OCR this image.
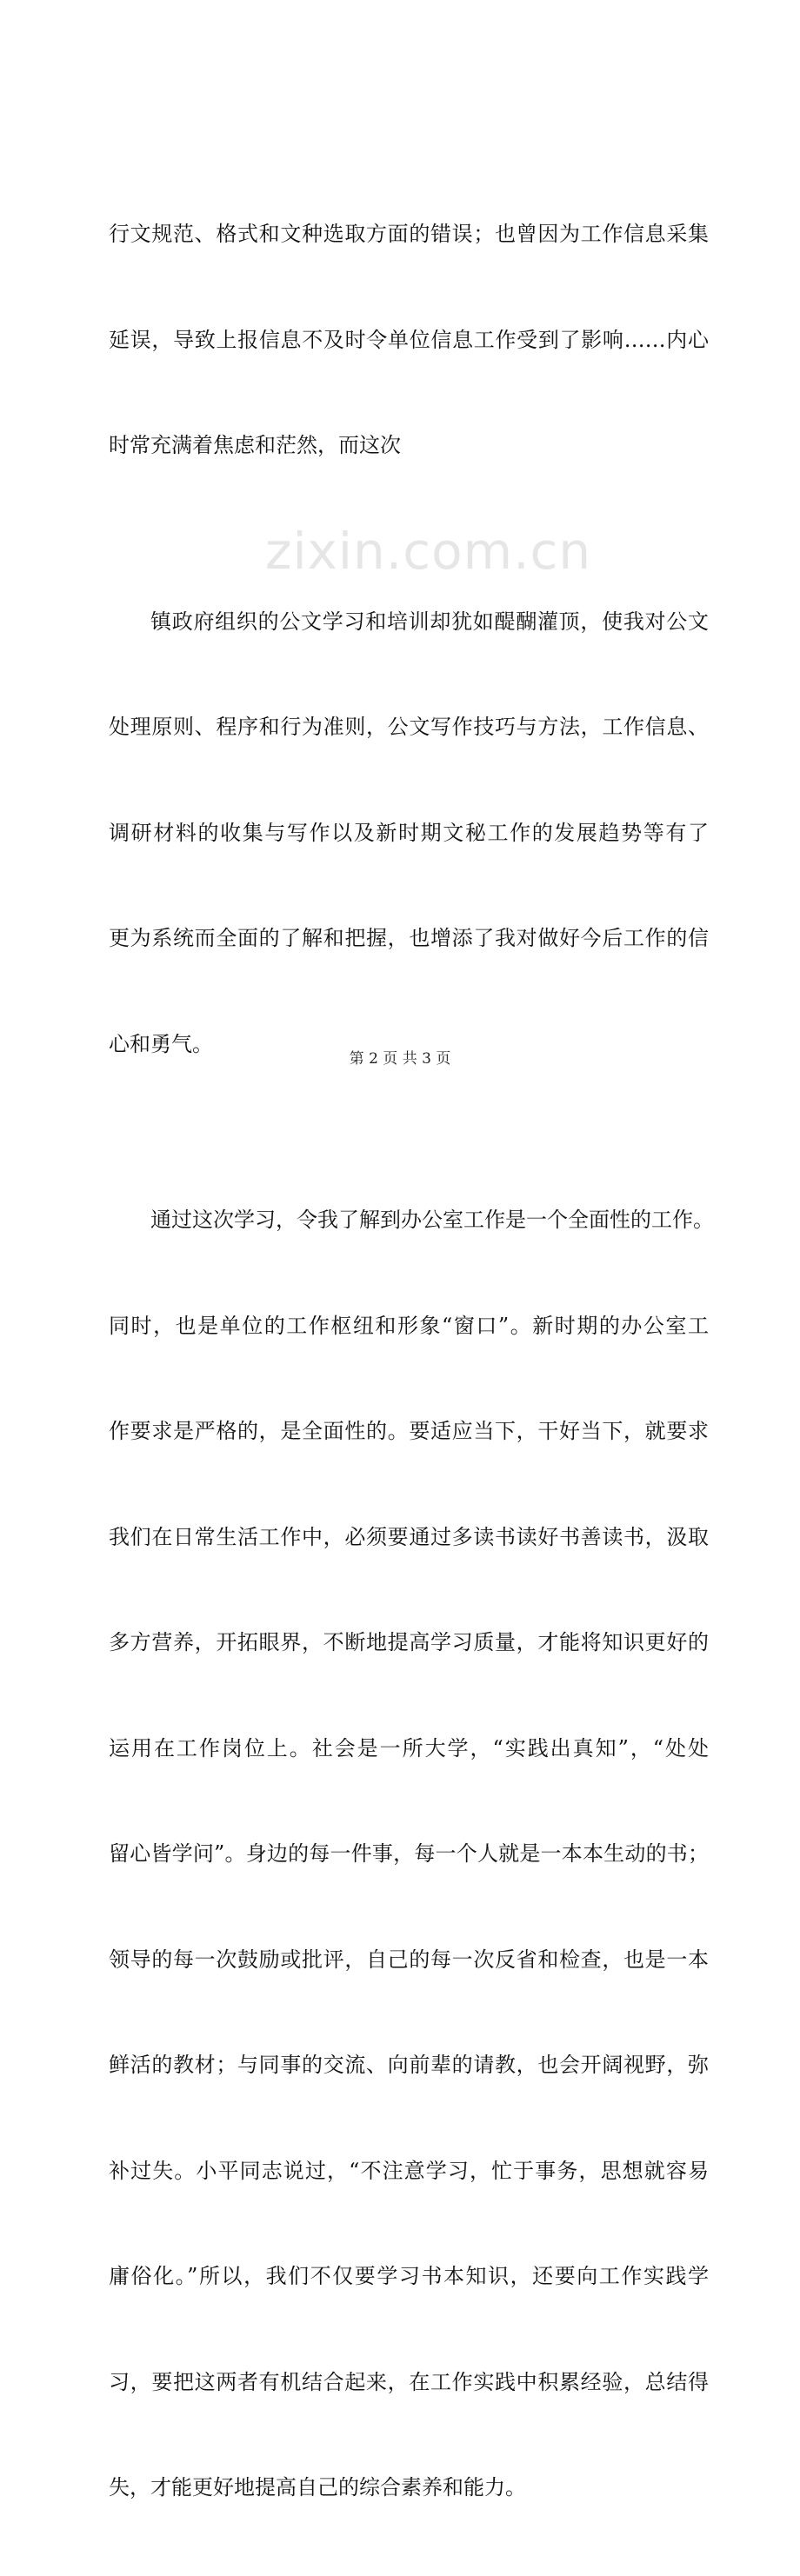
zixin.com.cn

行文规范、格式和文种选取方面的错误；也曾因为工作信息采集

延误，导致上报信息不及时令单位信息工作受到了影响……内心

时常充满着焦虑和茫然，而这次

镇政府组织的公文学习和培训却犹如醍醐灌顶，使我对公文

处理原则、程序和行为准则，公文写作技巧与方法，工作信息、

调研材料的收集与写作以及新时期文秘工作的发展趋势等有了

更为系统而全面的了解和把握，也增添了我对做好今后工作的信

心和勇气。

通过这次学习，令我了解到办公室工作是一个全面性的工作。

同时，也是单位的工作枢纽和形象“窗口”。新时期的办公室工

作要求是严格的，是全面性的。要适应当下，干好当下，就要求

我们在日常生活工作中，必须要通过多读书读好书善读书，汲取

多方营养，开拓眼界，不断地提高学习质量，才能将知识更好的

运用在工作岗位上。社会是一所大学，“实践出真知”，“处处

留心皆学问”。身边的每一件事，每一个人就是一本本生动的书；

领导的每一次鼓励或批评，自己的每一次反省和检查，也是一本

鲜活的教材；与同事的交流、向前辈的请教，也会开阔视野，弥

补过失。小平同志说过，“不注意学习，忙于事务，思想就容易

庸俗化。”所以，我们不仅要学习书本知识，还要向工作实践学

习，要把这两者有机结合起来，在工作实践中积累经验，总结得

失，才能更好地提高自己的综合素养和能力。

第 2 页 共 3 页
